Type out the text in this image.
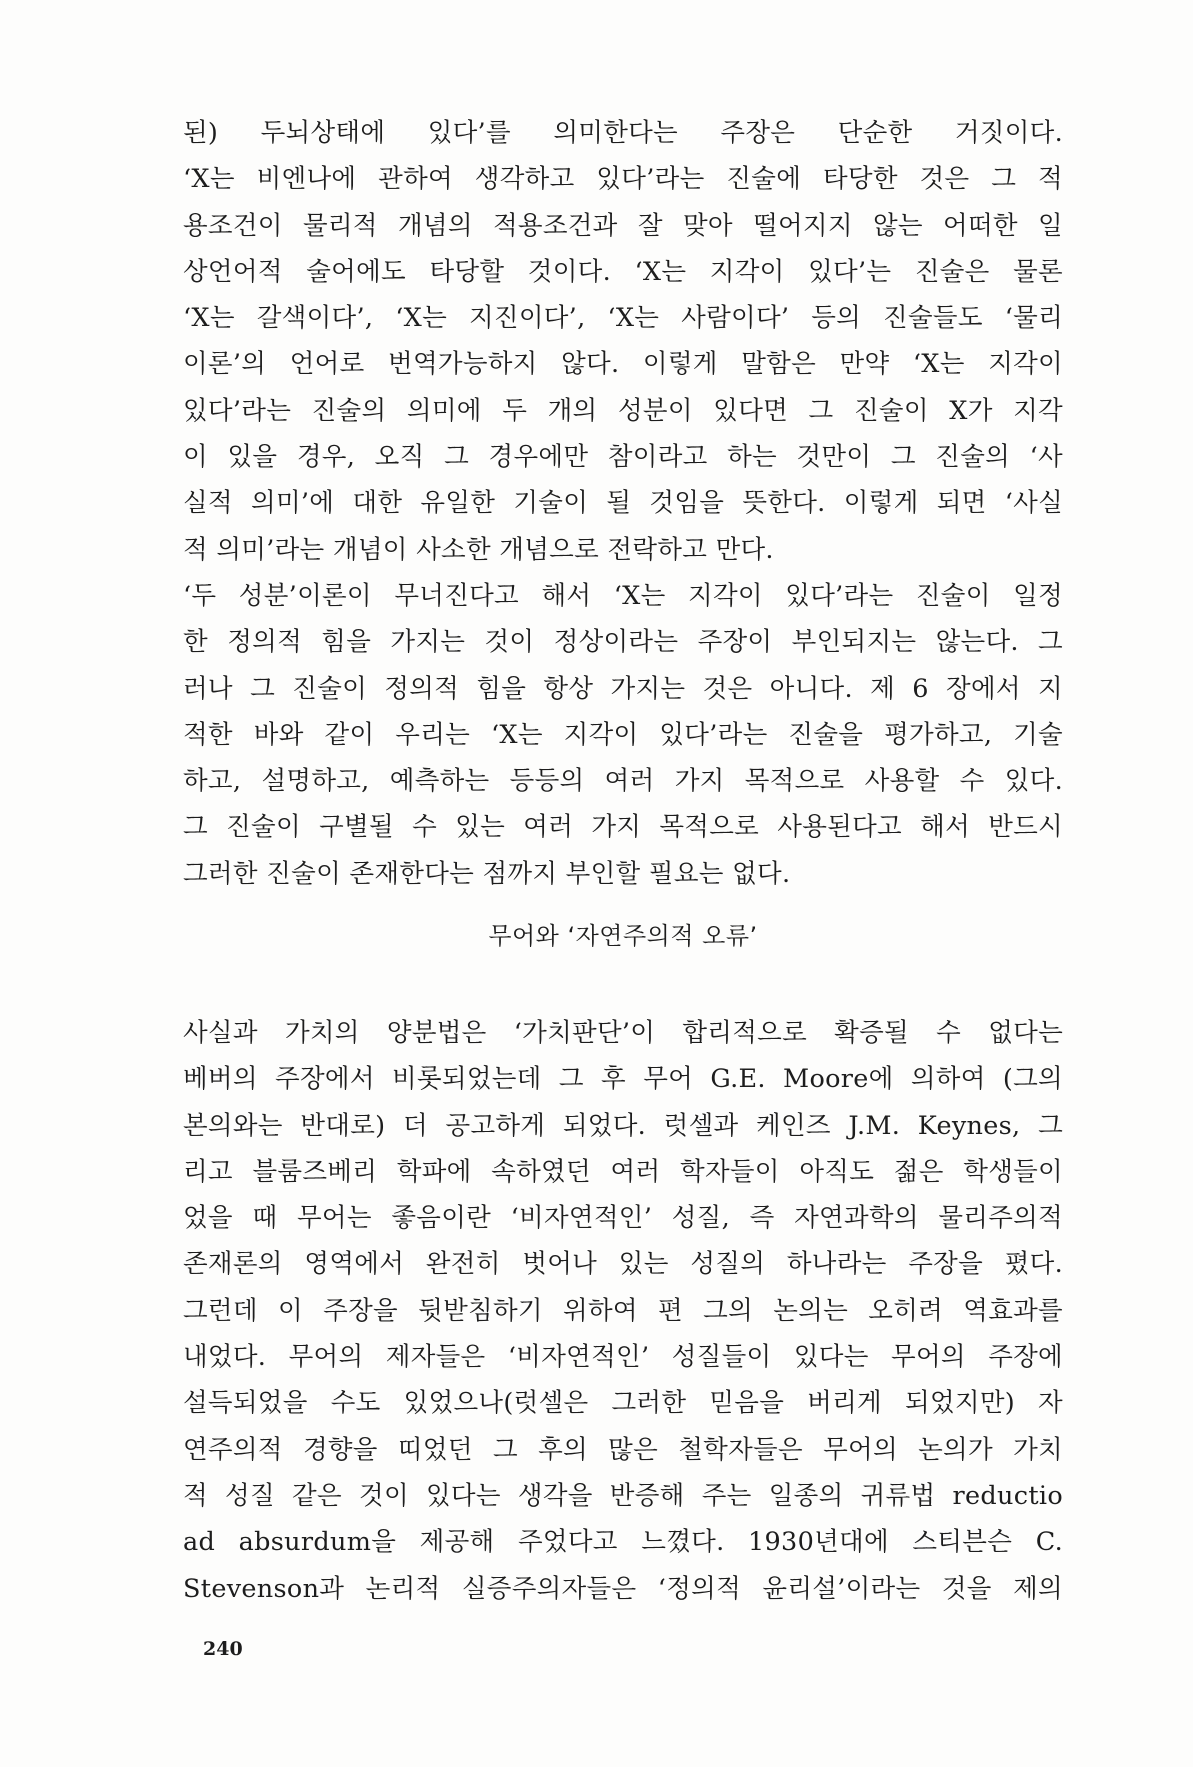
된) 두뇌상태에 있다’를 의미한다는 주장은 단순한 거짓이다.
‘X는 비엔나에 관하여 생각하고 있다’라는 진술에 타당한 것은 그 적
용조건이 물리적 개념의 적용조건과 잘 맞아 떨어지지 않는 어떠한 일
상언어적 술어에도 타당할 것이다. ‘X는 지각이 있다’는 진술은 물론
‘X는 갈색이다’, ‘X는 지진이다’, ‘X는 사람이다’ 등의 진술들도 ‘물리
이론’의 언어로 번역가능하지 않다. 이렇게 말함은 만약 ‘X는 지각이
있다’라는 진술의 의미에 두 개의 성분이 있다면 그 진술이 X가 지각
이 있을 경우, 오직 그 경우에만 참이라고 하는 것만이 그 진술의 ‘사
실적 의미’에 대한 유일한 기술이 될 것임을 뜻한다. 이렇게 되면 ‘사실
적 의미’라는 개념이 사소한 개념으로 전락하고 만다.
‘두 성분’이론이 무너진다고 해서 ‘X는 지각이 있다’라는 진술이 일정
한 정의적 힘을 가지는 것이 정상이라는 주장이 부인되지는 않는다. 그
러나 그 진술이 정의적 힘을 항상 가지는 것은 아니다. 제 6 장에서 지
적한 바와 같이 우리는 ‘X는 지각이 있다’라는 진술을 평가하고, 기술
하고, 설명하고, 예측하는 등등의 여러 가지 목적으로 사용할 수 있다.
그 진술이 구별될 수 있는 여러 가지 목적으로 사용된다고 해서 반드시
그러한 진술이 존재한다는 점까지 부인할 필요는 없다.
무어와 ‘자연주의적 오류’
사실과 가치의 양분법은 ‘가치판단’이 합리적으로 확증될 수 없다는
베버의 주장에서 비롯되었는데 그 후 무어 G.E. Moore에 의하여 (그의
본의와는 반대로) 더 공고하게 되었다. 럿셀과 케인즈 J.M. Keynes, 그
리고 블룸즈베리 학파에 속하였던 여러 학자들이 아직도 젊은 학생들이
었을 때 무어는 좋음이란 ‘비자연적인’ 성질, 즉 자연과학의 물리주의적
존재론의 영역에서 완전히 벗어나 있는 성질의 하나라는 주장을 폈다.
그런데 이 주장을 뒷받침하기 위하여 편 그의 논의는 오히려 역효과를
내었다. 무어의 제자들은 ‘비자연적인’ 성질들이 있다는 무어의 주장에
설득되었을 수도 있었으나(럿셀은 그러한 믿음을 버리게 되었지만) 자
연주의적 경향을 띠었던 그 후의 많은 철학자들은 무어의 논의가 가치
적 성질 같은 것이 있다는 생각을 반증해 주는 일종의 귀류법 reductio
ad absurdum을 제공해 주었다고 느꼈다. 1930년대에 스티븐슨 C.
Stevenson과 논리적 실증주의자들은 ‘정의적 윤리설’이라는 것을 제의
240
